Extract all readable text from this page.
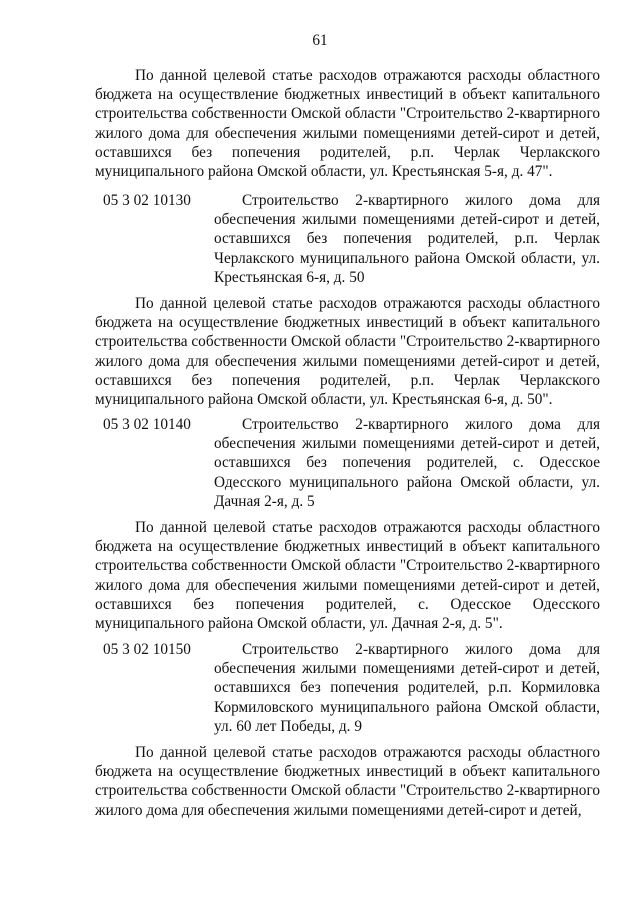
61

По данной целевой статье расходов отражаются расходы областного бюджета на осуществление бюджетных инвестиций в объект капитального строительства собственности Омской области "Строительство 2-квартирного жилого дома для обеспечения жилыми помещениями детей-сирот и детей, оставшихся без попечения родителей, р.п. Черлак Черлакского муниципального района Омской области, ул. Крестьянская 5-я, д. 47".

05 3 02 10130	Строительство 2-квартирного жилого дома для обеспечения жилыми помещениями детей-сирот и детей, оставшихся без попечения родителей, р.п. Черлак Черлакского муниципального района Омской области, ул. Крестьянская 6-я, д. 50

По данной целевой статье расходов отражаются расходы областного бюджета на осуществление бюджетных инвестиций в объект капитального строительства собственности Омской области "Строительство 2-квартирного жилого дома для обеспечения жилыми помещениями детей-сирот и детей, оставшихся без попечения родителей, р.п. Черлак Черлакского муниципального района Омской области, ул. Крестьянская 6-я, д. 50".

05 3 02 10140	Строительство 2-квартирного жилого дома для обеспечения жилыми помещениями детей-сирот и детей, оставшихся без попечения родителей, с. Одесское Одесского муниципального района Омской области, ул. Дачная 2-я, д. 5

По данной целевой статье расходов отражаются расходы областного бюджета на осуществление бюджетных инвестиций в объект капитального строительства собственности Омской области "Строительство 2-квартирного жилого дома для обеспечения жилыми помещениями детей-сирот и детей, оставшихся без попечения родителей, с. Одесское Одесского муниципального района Омской области, ул. Дачная 2-я, д. 5".

05 3 02 10150	Строительство 2-квартирного жилого дома для обеспечения жилыми помещениями детей-сирот и детей, оставшихся без попечения родителей, р.п. Кормиловка Кормиловского муниципального района Омской области, ул. 60 лет Победы, д. 9

По данной целевой статье расходов отражаются расходы областного бюджета на осуществление бюджетных инвестиций в объект капитального строительства собственности Омской области "Строительство 2-квартирного жилого дома для обеспечения жилыми помещениями детей-сирот и детей,
